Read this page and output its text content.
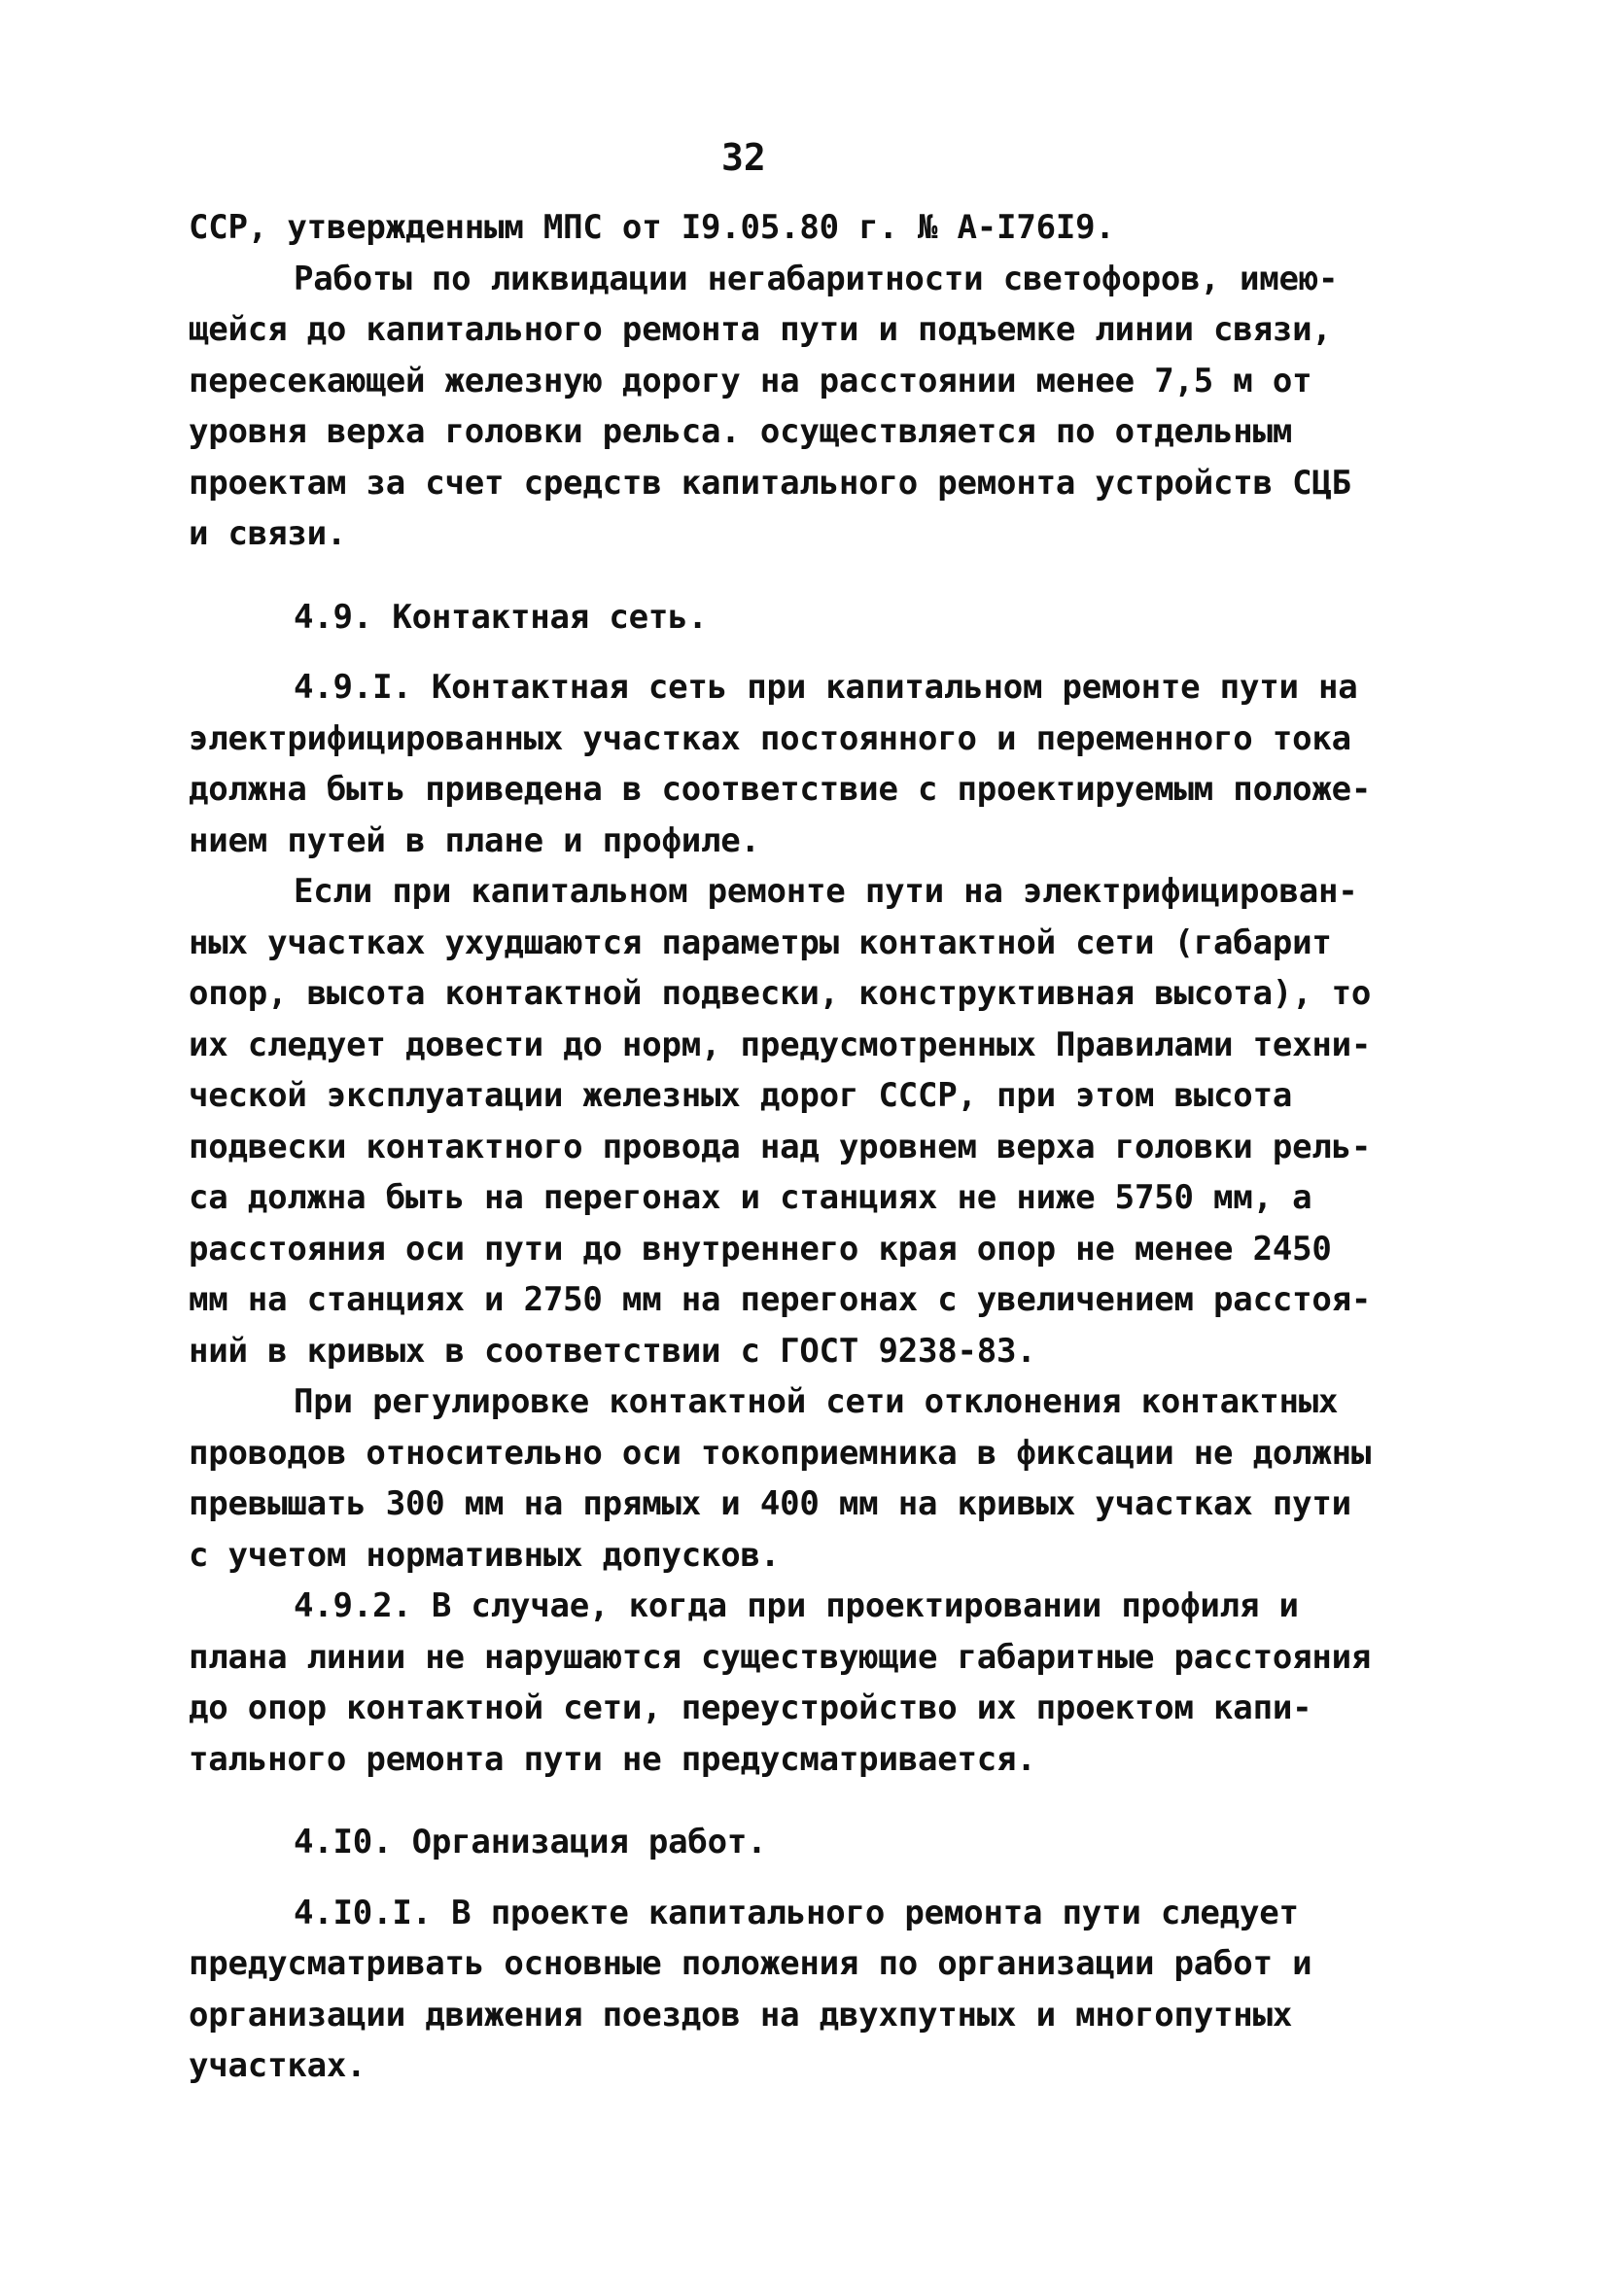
32
ССР, утвержденным МПС от I9.05.80 г. № А-I76I9.
Работы по ликвидации негабаритности светофоров, имею-
щейся до капитального ремонта пути и подъемке линии связи,
пересекающей железную дорогу на расстоянии менее 7,5 м от
уровня верха головки рельса. осуществляется по отдельным
проектам за счет средств капитального ремонта устройств СЦБ
и связи.
4.9. Контактная сеть.
4.9.I. Контактная сеть при капитальном ремонте пути на
электрифицированных участках постоянного и переменного тока
должна быть приведена в соответствие с проектируемым положе-
нием путей в плане и профиле.
Если при капитальном ремонте пути на электрифицирован-
ных участках ухудшаются параметры контактной сети (габарит
опор, высота контактной подвески, конструктивная высота), то
их следует довести до норм, предусмотренных Правилами техни-
ческой эксплуатации железных дорог СССР, при этом высота
подвески контактного провода над уровнем верха головки рель-
са должна быть на перегонах и станциях не ниже 5750 мм, а
расстояния оси пути до внутреннего края опор не менее 2450
мм на станциях и 2750 мм на перегонах с увеличением расстоя-
ний в кривых в соответствии с ГОСТ 9238-83.
При регулировке контактной сети отклонения контактных
проводов относительно оси токоприемника в фиксации не должны
превышать 300 мм на прямых и 400 мм на кривых участках пути
с учетом нормативных допусков.
4.9.2. В случае, когда при проектировании профиля и
плана линии не нарушаются существующие габаритные расстояния
до опор контактной сети, переустройство их проектом капи-
тального ремонта пути не предусматривается.
4.I0. Организация работ.
4.I0.I. В проекте капитального ремонта пути следует
предусматривать основные положения по организации работ и
организации движения поездов на двухпутных и многопутных
участках.
